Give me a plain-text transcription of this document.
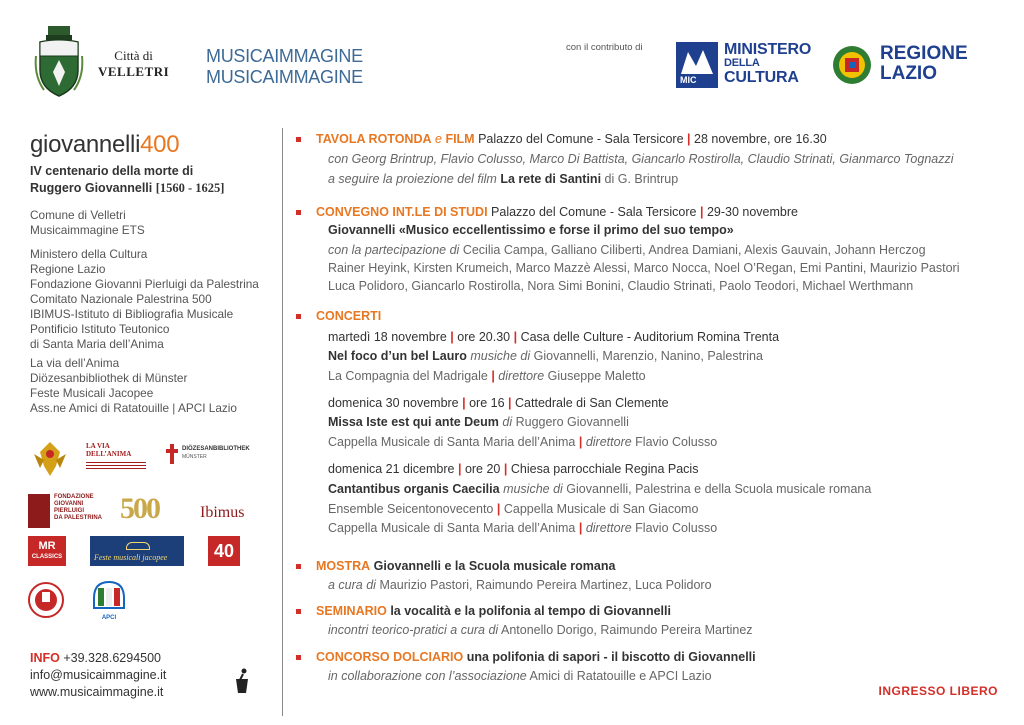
Città di
VELLETRI
MUSICAIMMAGINE
MUSICAIMMAGINE
con il contributo di
MIC
MINISTERO
DELLA
CULTURA
REGIONE
LAZIO
giovannelli400
IV centenario della morte di
Ruggero Giovannelli [1560 - 1625]
Comune di Velletri
Musicaimmagine ETS
Ministero della Cultura
Regione Lazio
Fondazione Giovanni Pierluigi da Palestrina
Comitato Nazionale Palestrina 500
IBIMUS-Istituto di Bibliografia Musicale
Pontificio Istituto Teutonico
di Santa Maria dell’Anima
La via dell’Anima
Diözesanbibliothek di Münster
Feste Musicali Jacopee
Ass.ne Amici di Ratatouille | APCI Lazio
LA VIA DELL’ANIMA
DIÖZESANBIBLIOTHEK
MÜNSTER
FONDAZIONE
GIOVANNI
PIERLUIGI
DA PALESTRINA 500	Ibimus
MR
CLASSICS	Feste musicali jacopee	40
APCI
INFO +39.328.6294500
info@musicaimmagine.it
www.musicaimmagine.it
TAVOLA ROTONDA e FILM Palazzo del Comune - Sala Tersicore | 28 novembre, ore 16.30
con Georg Brintrup, Flavio Colusso, Marco Di Battista, Giancarlo Rostirolla, Claudio Strinati, Gianmarco Tognazzi
a seguire la proiezione del film La rete di Santini di G. Brintrup
CONVEGNO INT.LE DI STUDI Palazzo del Comune - Sala Tersicore | 29-30 novembre
Giovannelli «Musico eccellentissimo e forse il primo del suo tempo»
con la partecipazione di Cecilia Campa, Galliano Ciliberti, Andrea Damiani, Alexis Gauvain, Johann Herczog
Rainer Heyink, Kirsten Krumeich, Marco Mazzè Alessi, Marco Nocca, Noel O’Regan, Emi Pantini, Maurizio Pastori
Luca Polidoro, Giancarlo Rostirolla, Nora Simi Bonini, Claudio Strinati, Paolo Teodori, Michael Werthmann
CONCERTI
martedì 18 novembre | ore 20.30 | Casa delle Culture - Auditorium Romina Trenta
Nel foco d’un bel Lauro musiche di Giovannelli, Marenzio, Nanino, Palestrina
La Compagnia del Madrigale | direttore Giuseppe Maletto
domenica 30 novembre | ore 16 | Cattedrale di San Clemente
Missa Iste est qui ante Deum di Ruggero Giovannelli
Cappella Musicale di Santa Maria dell’Anima | direttore Flavio Colusso
domenica 21 dicembre | ore 20 | Chiesa parrocchiale Regina Pacis
Cantantibus organis Caecilia musiche di Giovannelli, Palestrina e della Scuola musicale romana
Ensemble Seicentonovecento | Cappella Musicale di San Giacomo
Cappella Musicale di Santa Maria dell’Anima | direttore Flavio Colusso
MOSTRA Giovannelli e la Scuola musicale romana
a cura di Maurizio Pastori, Raimundo Pereira Martinez, Luca Polidoro
SEMINARIO la vocalità e la polifonia al tempo di Giovannelli
incontri teorico-pratici a cura di Antonello Dorigo, Raimundo Pereira Martinez
CONCORSO DOLCIARIO una polifonia di sapori - il biscotto di Giovannelli
in collaborazione con l’associazione Amici di Ratatouille e APCI Lazio
INGRESSO LIBERO
